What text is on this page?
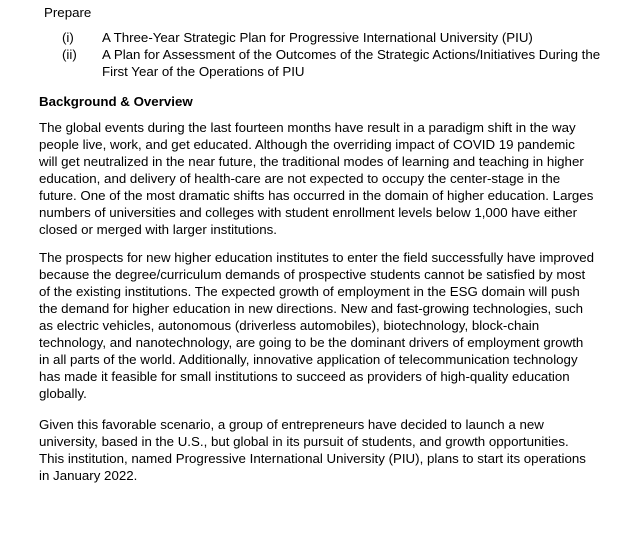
Prepare
(i)	A Three-Year Strategic Plan for Progressive International University (PIU)
(ii)	A Plan for Assessment of the Outcomes of the Strategic Actions/Initiatives During the First Year of the Operations of PIU
Background & Overview

The global events during the last fourteen months have result in a paradigm shift in the way people live, work, and get educated. Although the overriding impact of COVID 19 pandemic will get neutralized in the near future, the traditional modes of learning and teaching in higher education, and delivery of health-care are not expected to occupy the center-stage in the future. One of the most dramatic shifts has occurred in the domain of higher education. Larges numbers of universities and colleges with student enrollment levels below 1,000 have either closed or merged with larger institutions.

The prospects for new higher education institutes to enter the field successfully have improved because the degree/curriculum demands of prospective students cannot be satisfied by most of the existing institutions. The expected growth of employment in the ESG domain will push the demand for higher education in new directions. New and fast-growing technologies, such as electric vehicles, autonomous (driverless automobiles), biotechnology, block-chain technology, and nanotechnology, are going to be the dominant drivers of employment growth in all parts of the world. Additionally, innovative application of telecommunication technology has made it feasible for small institutions to succeed as providers of high-quality education globally.

Given this favorable scenario, a group of entrepreneurs have decided to launch a new university, based in the U.S., but global in its pursuit of students, and growth opportunities. This institution, named Progressive International University (PIU), plans to start its operations in January 2022.
